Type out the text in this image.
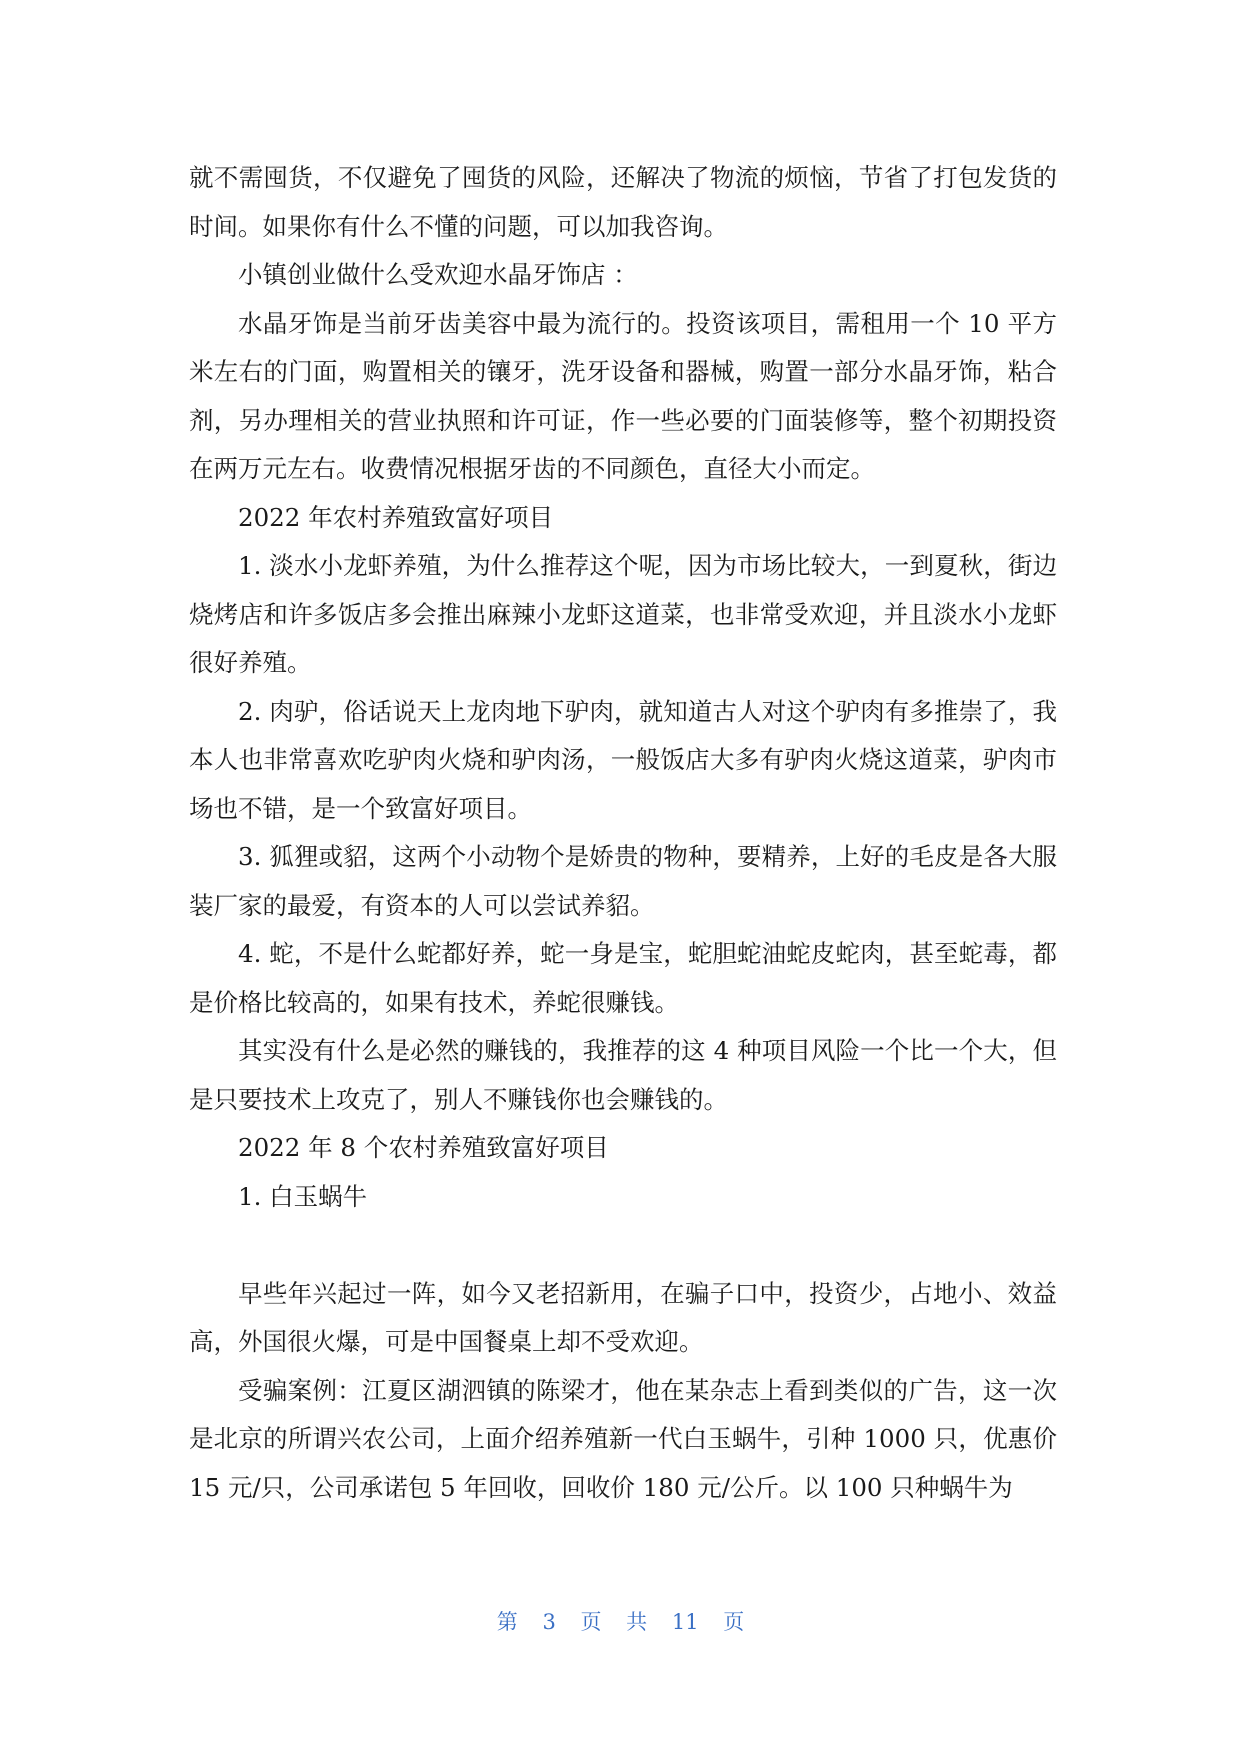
就不需囤货，不仅避免了囤货的风险，还解决了物流的烦恼，节省了打包发货的时间。如果你有什么不懂的问题，可以加我咨询。

小镇创业做什么受欢迎水晶牙饰店 ：

水晶牙饰是当前牙齿美容中最为流行的。投资该项目，需租用一个 10 平方米左右的门面，购置相关的镶牙，洗牙设备和器械，购置一部分水晶牙饰，粘合剂，另办理相关的营业执照和许可证，作一些必要的门面装修等，整个初期投资在两万元左右。收费情况根据牙齿的不同颜色，直径大小而定。

2022 年农村养殖致富好项目

1. 淡水小龙虾养殖，为什么推荐这个呢，因为市场比较大，一到夏秋，街边烧烤店和许多饭店多会推出麻辣小龙虾这道菜，也非常受欢迎，并且淡水小龙虾很好养殖。

2. 肉驴，俗话说天上龙肉地下驴肉，就知道古人对这个驴肉有多推崇了，我本人也非常喜欢吃驴肉火烧和驴肉汤，一般饭店大多有驴肉火烧这道菜，驴肉市场也不错，是一个致富好项目。

3. 狐狸或貂，这两个小动物个是娇贵的物种，要精养，上好的毛皮是各大服装厂家的最爱，有资本的人可以尝试养貂。

4. 蛇，不是什么蛇都好养，蛇一身是宝，蛇胆蛇油蛇皮蛇肉，甚至蛇毒，都是价格比较高的，如果有技术，养蛇很赚钱。

其实没有什么是必然的赚钱的，我推荐的这 4 种项目风险一个比一个大，但是只要技术上攻克了，别人不赚钱你也会赚钱的。

2022 年 8 个农村养殖致富好项目

1. 白玉蜗牛

早些年兴起过一阵，如今又老招新用，在骗子口中，投资少，占地小、效益高，外国很火爆，可是中国餐桌上却不受欢迎。

受骗案例：江夏区湖泗镇的陈梁才，他在某杂志上看到类似的广告，这一次是北京的所谓兴农公司，上面介绍养殖新一代白玉蜗牛，引种 1000 只，优惠价 15 元/只，公司承诺包 5 年回收，回收价 180 元/公斤。以 100 只种蜗牛为

第 3 页 共 11 页
